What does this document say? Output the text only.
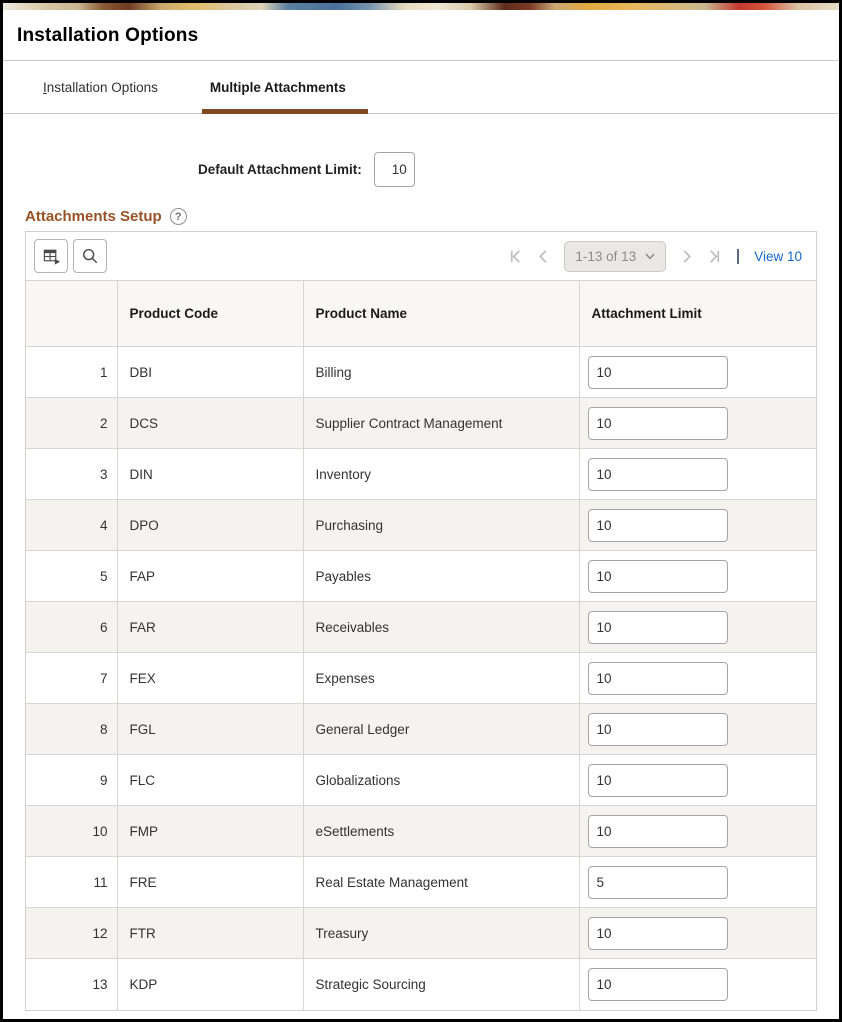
Installation Options
Installation Options	Multiple Attachments
Default Attachment Limit:
10
Attachments Setup	?
1-13 of 13	View 10
	Product Code	Product Name	Attachment Limit
1	DBI	Billing	10
2	DCS	Supplier Contract Management	10
3	DIN	Inventory	10
4	DPO	Purchasing	10
5	FAP	Payables	10
6	FAR	Receivables	10
7	FEX	Expenses	10
8	FGL	General Ledger	10
9	FLC	Globalizations	10
10	FMP	eSettlements	10
11	FRE	Real Estate Management	5
12	FTR	Treasury	10
13	KDP	Strategic Sourcing	10
